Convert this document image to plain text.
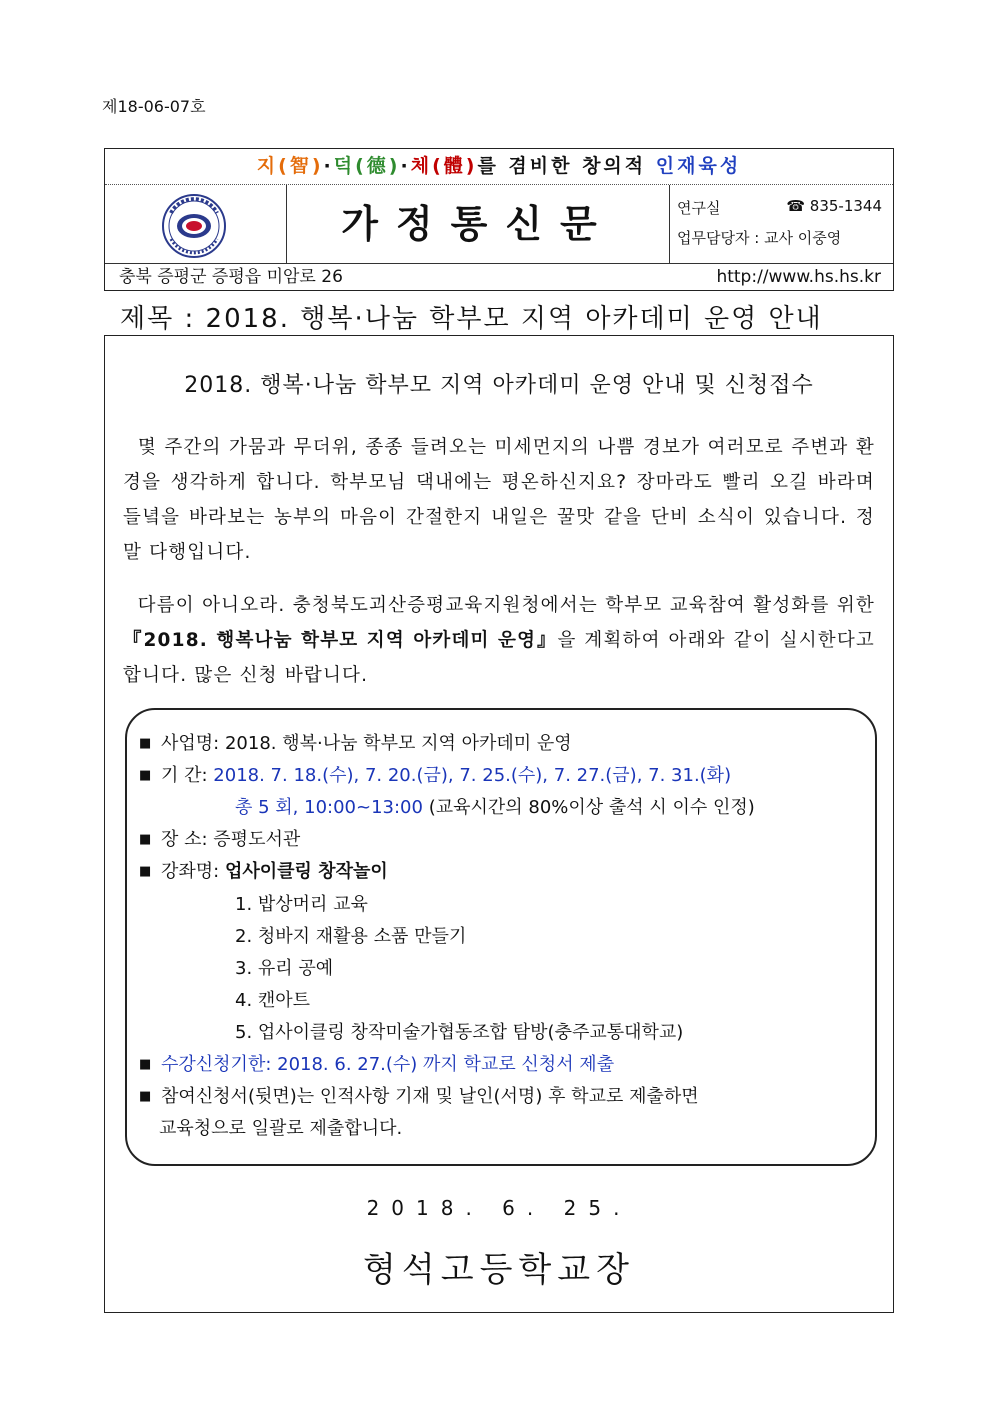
제18-06-07호
지(智)·덕(德)·체(體)를 겸비한 창의적 인재육성
가정통신문	연구실	☎ 835-1344
업무담당자 : 교사 이중영
충북 증평군 증평읍 미암로 26	http://www.hs.hs.kr
제목 : 2018. 행복·나눔 학부모 지역 아카데미 운영 안내
2018. 행복·나눔 학부모 지역 아카데미 운영 안내 및 신청접수
몇 주간의 가뭄과 무더위, 종종 들려오는 미세먼지의 나쁨 경보가 여러모로 주변과 환경을 생각하게 합니다. 학부모님 댁내에는 평온하신지요? 장마라도 빨리 오길 바라며 들녘을 바라보는 농부의 마음이 간절한지 내일은 꿀맛 같을 단비 소식이 있습니다. 정말 다행입니다.
다름이 아니오라. 충청북도괴산증평교육지원청에서는 학부모 교육참여 활성화를 위한 『2018. 행복나눔 학부모 지역 아카데미 운영』을 계획하여 아래와 같이 실시한다고 합니다. 많은 신청 바랍니다.
■ 사업명: 2018. 행복·나눔 학부모 지역 아카데미 운영
■ 기 간: 2018. 7. 18.(수), 7. 20.(금), 7. 25.(수), 7. 27.(금), 7. 31.(화)
총 5 회, 10:00~13:00 (교육시간의 80%이상 출석 시 이수 인정)
■ 장 소: 증평도서관
■ 강좌명: 업사이클링 창작놀이
1. 밥상머리 교육
2. 청바지 재활용 소품 만들기
3. 유리 공예
4. 캔아트
5. 업사이클링 창작미술가협동조합 탐방(충주교통대학교)
■ 수강신청기한: 2018. 6. 27.(수) 까지 학교로 신청서 제출
■ 참여신청서(뒷면)는 인적사항 기재 및 날인(서명) 후 학교로 제출하면
교육청으로 일괄로 제출합니다.
2018. 6. 25.
형석고등학교장
